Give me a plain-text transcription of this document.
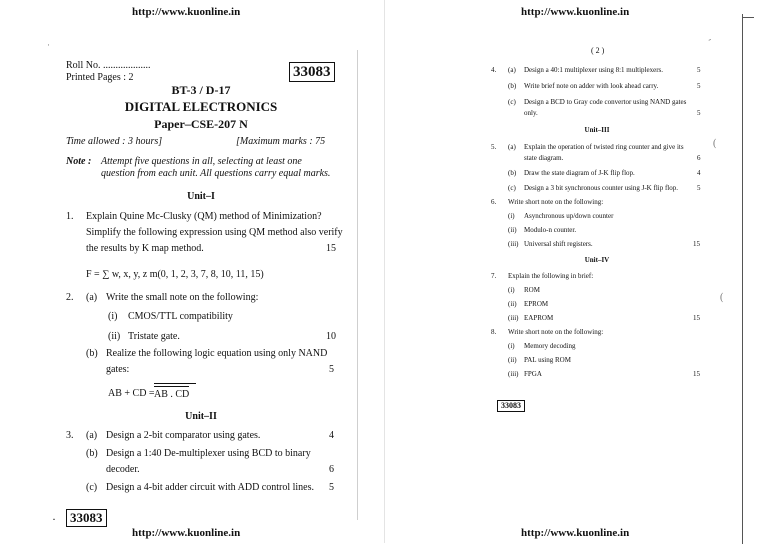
http://www.kuonline.in	http://www.kuonline.in
Roll No. ...................
Printed Pages : 2	33083
BT-3 / D-17
DIGITAL ELECTRONICS
Paper–CSE-207 N
Time allowed : 3 hours]	[Maximum marks : 75
Note : Attempt five questions in all, selecting at least one
question from each unit. All questions carry equal marks.
Unit–I
1. Explain Quine Mc-Clusky (QM) method of Minimization?
Simplify the following expression using QM method also verify
the results by K map method.	15
F = ∑ w, x, y, z m(0, 1, 2, 3, 7, 8, 10, 11, 15)
2. (a) Write the small note on the following:
(i) CMOS/TTL compatibility
(ii) Tristate gate.	10
(b) Realize the following logic equation using only NAND
gates:	5
AB + CD = AB . CD
Unit–II
3. (a) Design a 2-bit comparator using gates.	4
(b) Design a 1:40 De-multiplexer using BCD to binary
decoder.	6
(c) Design a 4-bit adder circuit with ADD control lines. 5
33083
( 2 )
4. (a) Design a 40:1 multiplexer using 8:1 multiplexers.	5
(b) Write brief note on adder with look ahead carry.	5
(c) Design a BCD to Gray code convertor using NAND gates
only.	5
Unit–III
5. (a) Explain the operation of twisted ring counter and give its
state diagram.	6
(b) Draw the state diagram of J-K flip flop.	4
(c) Design a 3 bit synchronous counter using J-K flip flop.	5
6. Write short note on the following:
(i) Asynchronous up/down counter
(ii) Modulo-n counter.
(iii) Universal shift registers.	15
Unit–IV
7. Explain the following in brief:
(i) ROM
(ii) EPROM
(iii) EAPROM	15
8. Write short note on the following:
(i) Memory decoding
(ii) PAL using ROM
(iii) FPGA	15
33083
http://www.kuonline.in	http://www.kuonline.in
·
·
(
(
-
